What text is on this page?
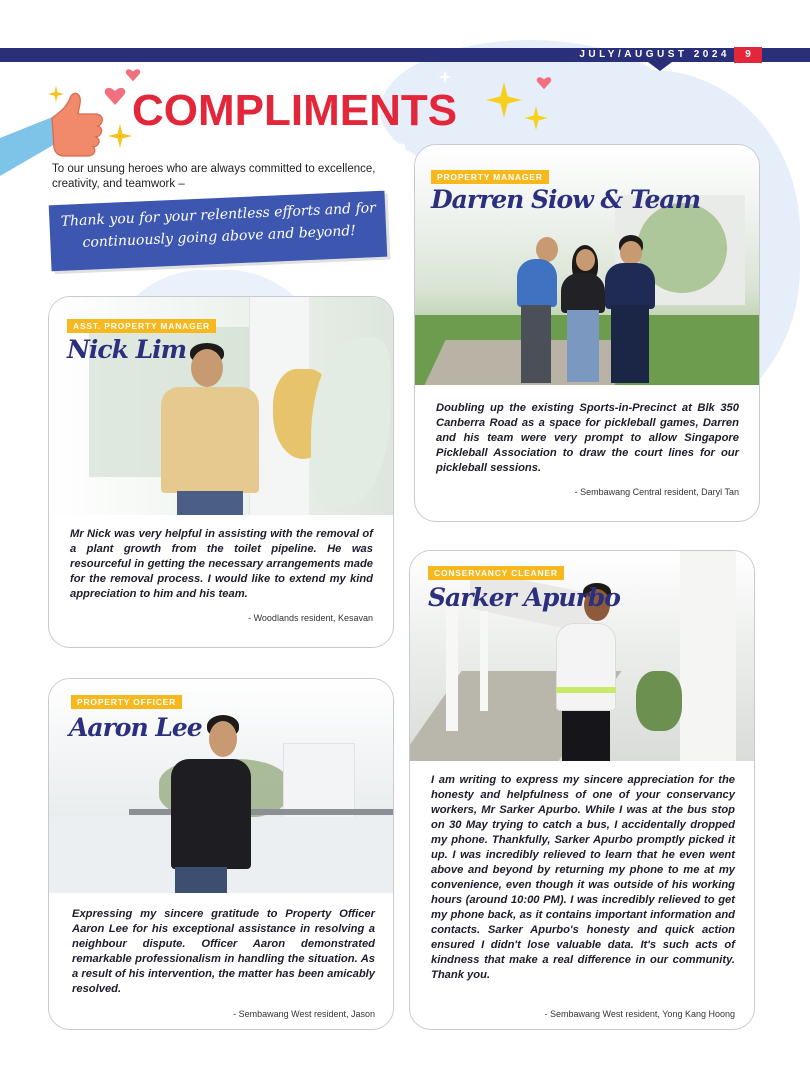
JULY/AUGUST 2024	9
COMPLIMENTS
To our unsung heroes who are always committed to excellence, creativity, and teamwork –
Thank you for your relentless efforts and for continuously going above and beyond!
PROPERTY MANAGER
Darren Siow & Team
Doubling up the existing Sports-in-Precinct at Blk 350 Canberra Road as a space for pickleball games, Darren and his team were very prompt to allow Singapore Pickleball Association to draw the court lines for our pickleball sessions.
- Sembawang Central resident, Daryl Tan
ASST. PROPERTY MANAGER
Nick Lim
Mr Nick was very helpful in assisting with the removal of a plant growth from the toilet pipeline. He was resourceful in getting the necessary arrangements made for the removal process. I would like to extend my kind appreciation to him and his team.
- Woodlands resident, Kesavan
CONSERVANCY CLEANER
Sarker Apurbo
I am writing to express my sincere appreciation for the honesty and helpfulness of one of your conservancy workers, Mr Sarker Apurbo. While I was at the bus stop on 30 May trying to catch a bus, I accidentally dropped my phone. Thankfully, Sarker Apurbo promptly picked it up. I was incredibly relieved to learn that he even went above and beyond by returning my phone to me at my convenience, even though it was outside of his working hours (around 10:00 PM). I was incredibly relieved to get my phone back, as it contains important information and contacts. Sarker Apurbo's honesty and quick action ensured I didn't lose valuable data. It's such acts of kindness that make a real difference in our community. Thank you.
- Sembawang West resident, Yong Kang Hoong
PROPERTY OFFICER
Aaron Lee
Expressing my sincere gratitude to Property Officer Aaron Lee for his exceptional assistance in resolving a neighbour dispute. Officer Aaron demonstrated remarkable professionalism in handling the situation. As a result of his intervention, the matter has been amicably resolved.
- Sembawang West resident, Jason
